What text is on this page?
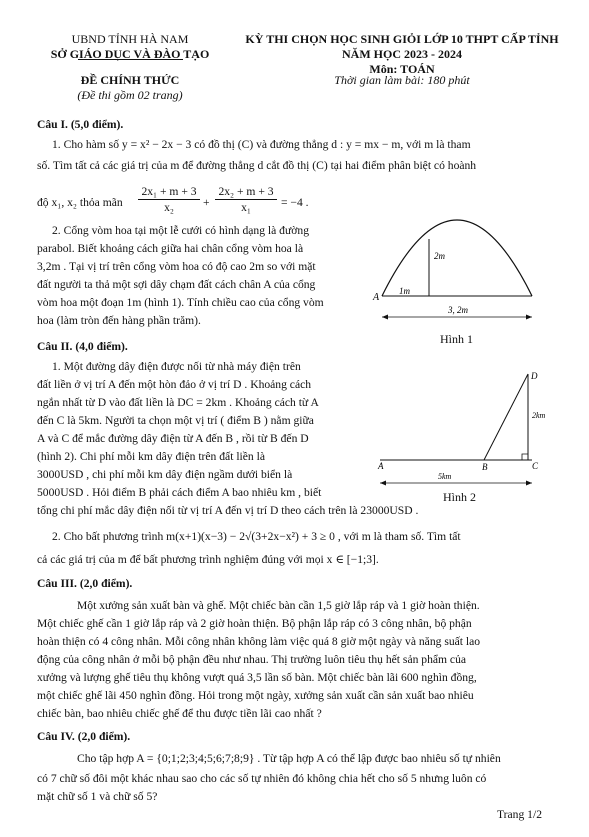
UBND TỈNH HÀ NAM
SỞ GIÁO DỤC VÀ ĐÀO TẠO
KỲ THI CHỌN HỌC SINH GIỎI LỚP 10 THPT CẤP TỈNH
NĂM HỌC 2023 - 2024
Môn: TOÁN
ĐỀ CHÍNH THỨC
(Đề thi gồm 02 trang)
Thời gian làm bài: 180 phút
Câu I. (5,0 điểm).
1. Cho hàm số y = x² − 2x − 3 có đồ thị (C) và đường thẳng d : y = mx − m, với m là tham
số. Tìm tất cả các giá trị của m để đường thẳng d cắt đồ thị (C) tại hai điểm phân biệt có hoành
độ x₁, x₂ thỏa mãn $\frac{\text{2x₁ + m + 3}}{\text{x₂}} + \frac{\text{2x₂ + m + 3}}{\text{x₁}} = -4$ .
2. Cổng vòm hoa tại một lễ cưới có hình dạng là đường
parabol. Biết khoảng cách giữa hai chân cổng vòm hoa là
3,2m . Tại vị trí trên cổng vòm hoa có độ cao 2m so với mặt
đất người ta thả một sợi dây chạm đất cách chân A của cổng
vòm hoa một đoạn 1m (hình 1). Tính chiều cao của cổng vòm
hoa (làm tròn đến hàng phần trăm).
A
1m
2m
3, 2m
Hình 1
Câu II. (4,0 điểm).
1. Một đường dây điện được nối từ nhà máy điện trên
đất liền ở vị trí A đến một hòn đảo ở vị trí D . Khoảng cách
ngắn nhất từ D vào đất liền là DC = 2km . Khoảng cách từ A
đến C là 5km. Người ta chọn một vị trí ( điểm B ) nằm giữa
A và C để mắc đường dây điện từ A đến B , rồi từ B đến D
(hình 2). Chi phí mỗi km dây điện trên đất liền là
3000USD , chi phí mỗi km dây điện ngầm dưới biển là
5000USD . Hỏi điểm B phải cách điểm A bao nhiêu km , biết
tổng chi phí mắc dây điện nối từ vị trí A đến vị trí D theo cách trên là 23000USD .
D
A	B	C
2km
5km
Hình 2
2. Cho bất phương trình m(x+1)(x−3) − 2√(3+2x−x²) + 3 ≥ 0 , với m là tham số. Tìm tất
cả các giá trị của m để bất phương trình nghiệm đúng với mọi x ∈ [−1;3].
Câu III. (2,0 điểm).
Một xưởng sản xuất bàn và ghế. Một chiếc bàn cần 1,5 giờ lắp ráp và 1 giờ hoàn thiện.
Một chiếc ghế cần 1 giờ lắp ráp và 2 giờ hoàn thiện. Bộ phận lắp ráp có 3 công nhân, bộ phận
hoàn thiện có 4 công nhân. Mỗi công nhân không làm việc quá 8 giờ một ngày và năng suất lao
động của công nhân ở mỗi bộ phận đều như nhau. Thị trường luôn tiêu thụ hết sản phẩm của
xưởng và lượng ghế tiêu thụ không vượt quá 3,5 lần số bàn. Một chiếc bàn lãi 600 nghìn đồng,
một chiếc ghế lãi 450 nghìn đồng. Hỏi trong một ngày, xưởng sản xuất cần sản xuất bao nhiêu
chiếc bàn, bao nhiêu chiếc ghế để thu được tiền lãi cao nhất ?
Câu IV. (2,0 điểm).
Cho tập hợp A = {0;1;2;3;4;5;6;7;8;9} . Từ tập hợp A có thể lập được bao nhiêu số tự nhiên
có 7 chữ số đôi một khác nhau sao cho các số tự nhiên đó không chia hết cho số 5 nhưng luôn có
mặt chữ số 1 và chữ số 5?
Trang 1/2
